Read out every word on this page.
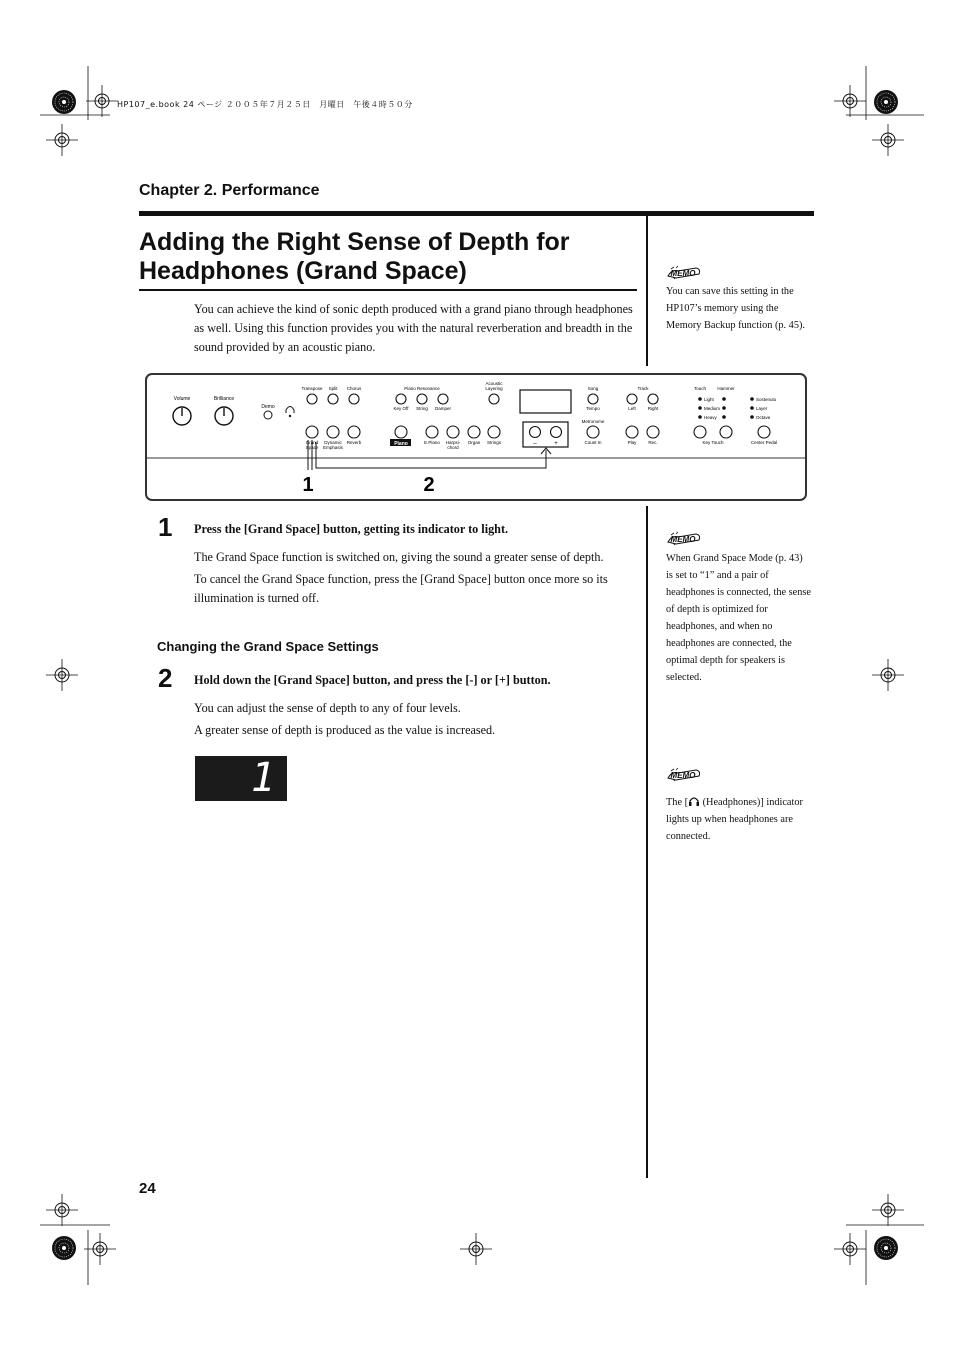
HP107_e.book 24 ページ ２００５年７月２５日　月曜日　午後４時５０分
Chapter 2. Performance
Adding the Right Sense of Depth for
Headphones (Grand Space)
You can achieve the kind of sonic depth produced with a grand piano through headphones as well. Using this function provides you with the natural reverberation and breadth in the sound provided by an acoustic piano.
MEMO
You can save this setting in the HP107’s memory using the Memory Backup function (p. 45).
Volume	Brilliance
Demo
Transpose Split Chorus	Piano Resonance
Acoustic
Layering
Key Off String Damper
Song
Tempo
Metronome
Count In
Track
Left	Right
Play	Rec.
Touch	Hammer
Light
Medium
Heavy
Sostenuto
Layer
Octave
Key Touch	Center Pedal
Grand
Space
Dynamic
Emphasis
Reverb	Piano	E.Piano Harpsi-
chord
Organ Strings	–	+
1	2
1 Press the [Grand Space] button, getting its indicator to light.
The Grand Space function is switched on, giving the sound a greater sense of depth.
To cancel the Grand Space function, press the [Grand Space] button once more so its illumination is turned off.
MEMO
When Grand Space Mode (p. 43) is set to “1” and a pair of headphones is connected, the sense of depth is optimized for headphones, and when no headphones are connected, the optimal depth for speakers is selected.
Changing the Grand Space Settings
2 Hold down the [Grand Space] button, and press the [-] or [+] button.
You can adjust the sense of depth to any of four levels.
A greater sense of depth is produced as the value is increased.
1	MEMO
The [ (Headphones)] indicator lights up when headphones are connected.
24
